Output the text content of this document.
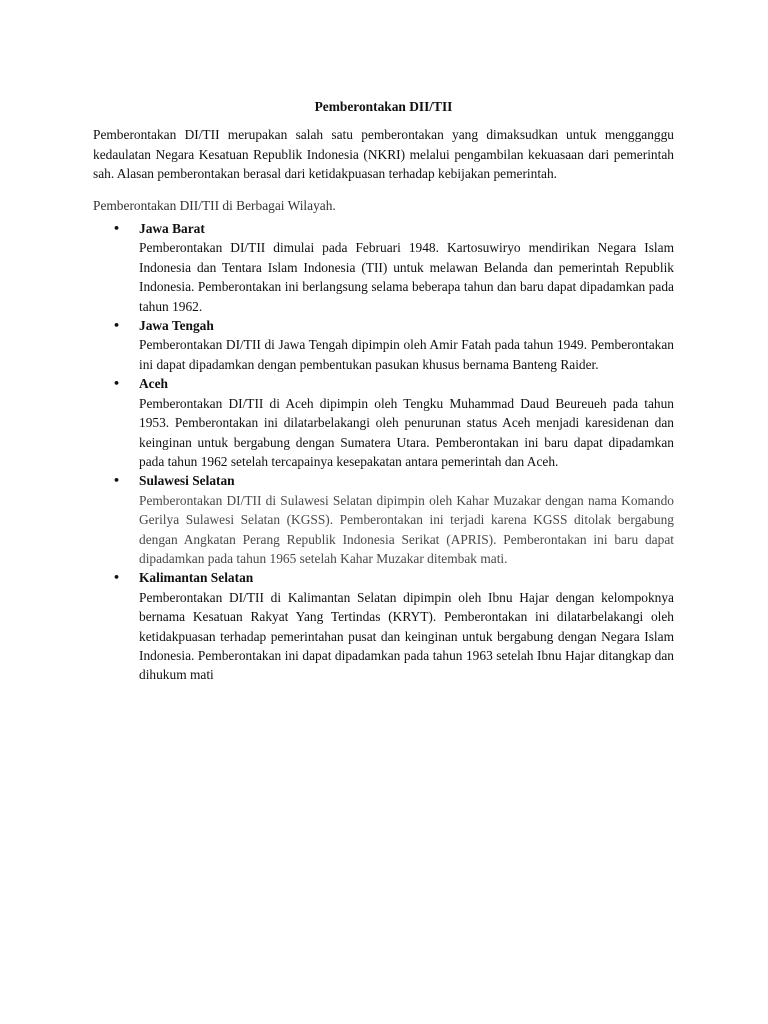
Pemberontakan DII/TII

Pemberontakan DI/TII merupakan salah satu pemberontakan yang dimaksudkan untuk mengganggu kedaulatan Negara Kesatuan Republik Indonesia (NKRI) melalui pengambilan kekuasaan dari pemerintah sah. Alasan pemberontakan berasal dari ketidakpuasan terhadap kebijakan pemerintah.

Pemberontakan DII/TII di Berbagai Wilayah.

• Jawa Barat
Pemberontakan DI/TII dimulai pada Februari 1948. Kartosuwiryo mendirikan Negara Islam Indonesia dan Tentara Islam Indonesia (TII) untuk melawan Belanda dan pemerintah Republik Indonesia. Pemberontakan ini berlangsung selama beberapa tahun dan baru dapat dipadamkan pada tahun 1962.
• Jawa Tengah
Pemberontakan DI/TII di Jawa Tengah dipimpin oleh Amir Fatah pada tahun 1949. Pemberontakan ini dapat dipadamkan dengan pembentukan pasukan khusus bernama Banteng Raider.
• Aceh
Pemberontakan DI/TII di Aceh dipimpin oleh Tengku Muhammad Daud Beureueh pada tahun 1953. Pemberontakan ini dilatarbelakangi oleh penurunan status Aceh menjadi karesidenan dan keinginan untuk bergabung dengan Sumatera Utara. Pemberontakan ini baru dapat dipadamkan pada tahun 1962 setelah tercapainya kesepakatan antara pemerintah dan Aceh.
• Sulawesi Selatan
Pemberontakan DI/TII di Sulawesi Selatan dipimpin oleh Kahar Muzakar dengan nama Komando Gerilya Sulawesi Selatan (KGSS). Pemberontakan ini terjadi karena KGSS ditolak bergabung dengan Angkatan Perang Republik Indonesia Serikat (APRIS). Pemberontakan ini baru dapat dipadamkan pada tahun 1965 setelah Kahar Muzakar ditembak mati.
• Kalimantan Selatan
Pemberontakan DI/TII di Kalimantan Selatan dipimpin oleh Ibnu Hajar dengan kelompoknya bernama Kesatuan Rakyat Yang Tertindas (KRYT). Pemberontakan ini dilatarbelakangi oleh ketidakpuasan terhadap pemerintahan pusat dan keinginan untuk bergabung dengan Negara Islam Indonesia. Pemberontakan ini dapat dipadamkan pada tahun 1963 setelah Ibnu Hajar ditangkap dan dihukum mati
